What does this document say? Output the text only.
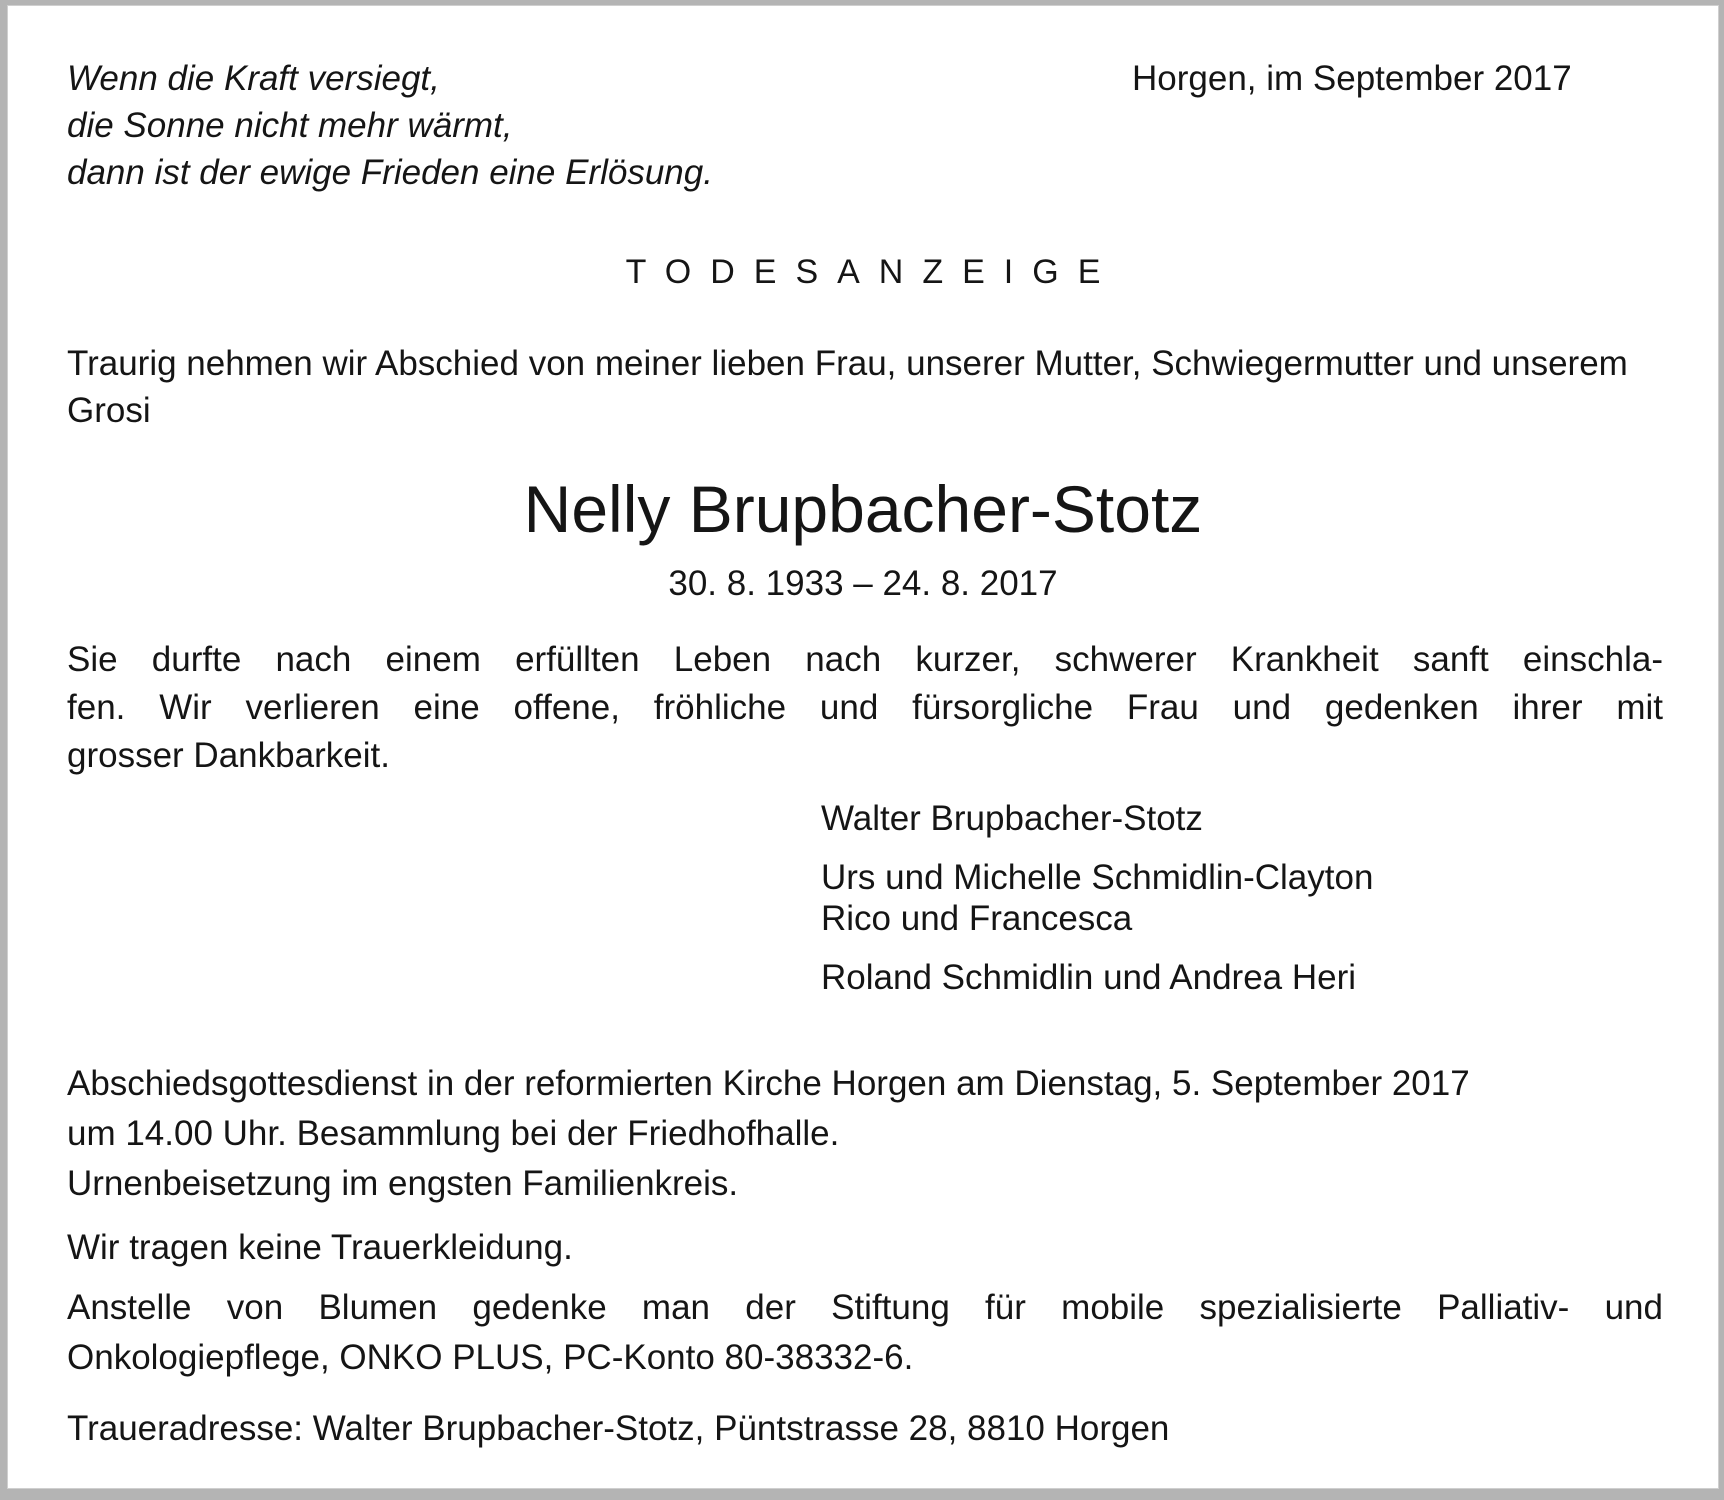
Wenn die Kraft versiegt,
die Sonne nicht mehr wärmt,
dann ist der ewige Frieden eine Erlösung.
Horgen, im September 2017
TODESANZEIGE
Traurig nehmen wir Abschied von meiner lieben Frau, unserer Mutter, Schwiegermutter und unserem Grosi
Nelly Brupbacher-Stotz
30. 8. 1933 – 24. 8. 2017
Sie durfte nach einem erfüllten Leben nach kurzer, schwerer Krankheit sanft einschla-
fen. Wir verlieren eine offene, fröhliche und fürsorgliche Frau und gedenken ihrer mit
grosser Dankbarkeit.
Walter Brupbacher-Stotz
Urs und Michelle Schmidlin-Clayton
Rico und Francesca
Roland Schmidlin und Andrea Heri
Abschiedsgottesdienst in der reformierten Kirche Horgen am Dienstag, 5. September 2017
um 14.00 Uhr. Besammlung bei der Friedhofhalle.
Urnenbeisetzung im engsten Familienkreis.
Wir tragen keine Trauerkleidung.
Anstelle von Blumen gedenke man der Stiftung für mobile spezialisierte Palliativ- und
Onkologiepflege, ONKO PLUS, PC-Konto 80-38332-6.
Traueradresse: Walter Brupbacher-Stotz, Püntstrasse 28, 8810 Horgen
